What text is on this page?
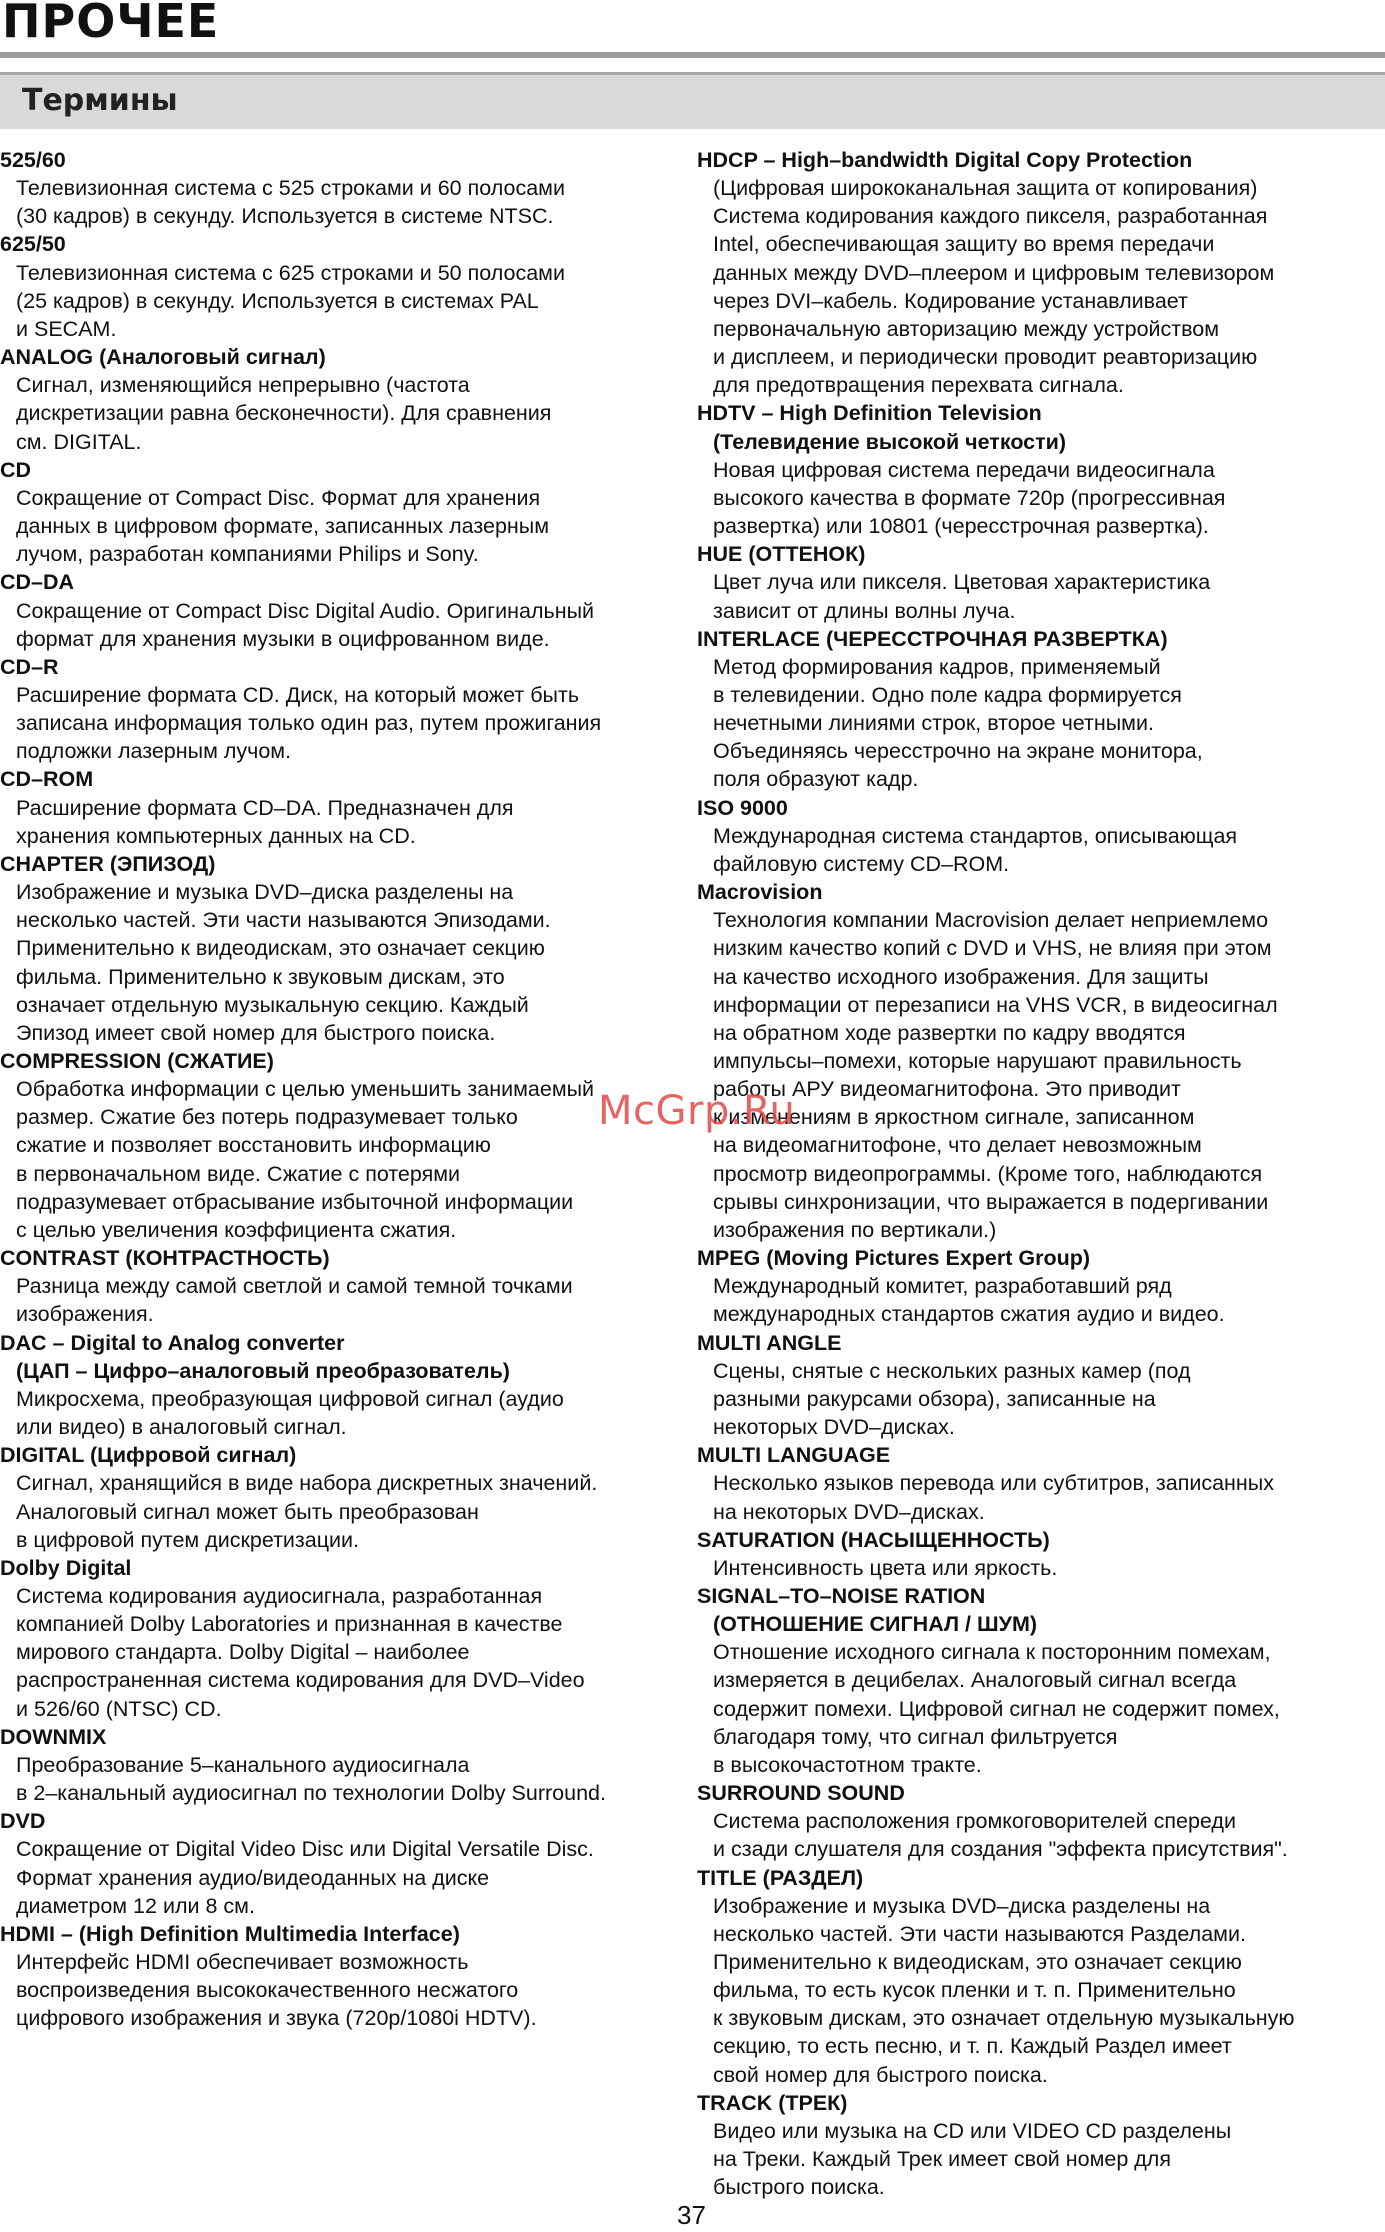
ПРОЧЕЕ
Термины
525/60
Телевизионная система с 525 строками и 60 полосами
(30 кадров) в секунду. Используется в системе NTSC.
625/50
Телевизионная система с 625 строками и 50 полосами
(25 кадров) в секунду. Используется в системах PAL
и SECAM.
ANALOG (Аналоговый сигнал)
Сигнал, изменяющийся непрерывно (частота
дискретизации равна бесконечности). Для сравнения
см. DIGITAL.
CD
Сокращение от Compact Disc. Формат для хранения
данных в цифровом формате, записанных лазерным
лучом, разработан компаниями Philips и Sony.
CD–DA
Сокращение от Compact Disc Digital Audio. Оригинальный
формат для хранения музыки в оцифрованном виде.
CD–R
Расширение формата CD. Диск, на который может быть
записана информация только один раз, путем прожигания
подложки лазерным лучом.
CD–ROM
Расширение формата CD–DA. Предназначен для
хранения компьютерных данных на CD.
CHAPTER (ЭПИЗОД)
Изображение и музыка DVD–диска разделены на
несколько частей. Эти части называются Эпизодами.
Применительно к видеодискам, это означает секцию
фильма. Применительно к звуковым дискам, это
означает отдельную музыкальную секцию. Каждый
Эпизод имеет свой номер для быстрого поиска.
COMPRESSION (СЖАТИЕ)
Обработка информации с целью уменьшить занимаемый
размер. Сжатие без потерь подразумевает только
сжатие и позволяет восстановить информацию
в первоначальном виде. Сжатие с потерями
подразумевает отбрасывание избыточной информации
с целью увеличения коэффициента сжатия.
CONTRAST (КОНТРАСТНОСТЬ)
Разница между самой светлой и самой темной точками
изображения.
DAC – Digital to Analog converter
(ЦАП – Цифро–аналоговый преобразователь)
Микросхема, преобразующая цифровой сигнал (аудио
или видео) в аналоговый сигнал.
DIGITAL (Цифровой сигнал)
Сигнал, хранящийся в виде набора дискретных значений.
Аналоговый сигнал может быть преобразован
в цифровой путем дискретизации.
Dolby Digital
Система кодирования аудиосигнала, разработанная
компанией Dolby Laboratories и признанная в качестве
мирового стандарта. Dolby Digital – наиболее
распространенная система кодирования для DVD–Video
и 526/60 (NTSC) CD.
DOWNMIX
Преобразование 5–канального аудиосигнала
в 2–канальный аудиосигнал по технологии Dolby Surround.
DVD
Сокращение от Digital Video Disc или Digital Versatile Disc.
Формат хранения аудио/видеоданных на диске
диаметром 12 или 8 см.
HDMI – (High Definition Multimedia Interface)
Интерфейс HDMI обеспечивает возможность
воспроизведения высококачественного несжатого
цифрового изображения и звука (720p/1080i HDTV).
HDCP – High–bandwidth Digital Copy Protection
(Цифровая ширококанальная защита от копирования)
Система кодирования каждого пикселя, разработанная
Intel, обеспечивающая защиту во время передачи
данных между DVD–плеером и цифровым телевизором
через DVI–кабель. Кодирование устанавливает
первоначальную авторизацию между устройством
и дисплеем, и периодически проводит реавторизацию
для предотвращения перехвата сигнала.
HDTV – High Definition Television
(Телевидение высокой четкости)
Новая цифровая система передачи видеосигнала
высокого качества в формате 720p (прогрессивная
развертка) или 10801 (чересстрочная развертка).
HUE (ОТТЕНОК)
Цвет луча или пикселя. Цветовая характеристика
зависит от длины волны луча.
INTERLACE (ЧЕРЕССТРОЧНАЯ РАЗВЕРТКА)
Метод формирования кадров, применяемый
в телевидении. Одно поле кадра формируется
нечетными линиями строк, второе четными.
Объединяясь чересстрочно на экране монитора,
поля образуют кадр.
ISO 9000
Международная система стандартов, описывающая
файловую систему CD–ROM.
Macrovision
Технология компании Macrovision делает неприемлемо
низким качество копий с DVD и VHS, не влияя при этом
на качество исходного изображения. Для защиты
информации от перезаписи на VHS VCR, в видеосигнал
на обратном ходе развертки по кадру вводятся
импульсы–помехи, которые нарушают правильность
работы АРУ видеомагнитофона. Это приводит
к изменениям в яркостном сигнале, записанном
на видеомагнитофоне, что делает невозможным
просмотр видеопрограммы. (Кроме того, наблюдаются
срывы синхронизации, что выражается в подергивании
изображения по вертикали.)
MPEG (Moving Pictures Expert Group)
Международный комитет, разработавший ряд
международных стандартов сжатия аудио и видео.
MULTI ANGLE
Сцены, снятые с нескольких разных камер (под
разными ракурсами обзора), записанные на
некоторых DVD–дисках.
MULTI LANGUAGE
Несколько языков перевода или субтитров, записанных
на некоторых DVD–дисках.
SATURATION (НАСЫЩЕННОСТЬ)
Интенсивность цвета или яркость.
SIGNAL–TO–NOISE RATION
(ОТНОШЕНИЕ СИГНАЛ / ШУМ)
Отношение исходного сигнала к посторонним помехам,
измеряется в децибелах. Аналоговый сигнал всегда
содержит помехи. Цифровой сигнал не содержит помех,
благодаря тому, что сигнал фильтруется
в высокочастотном тракте.
SURROUND SOUND
Система расположения громкоговорителей спереди
и сзади слушателя для создания "эффекта присутствия".
TITLE (РАЗДЕЛ)
Изображение и музыка DVD–диска разделены на
несколько частей. Эти части называются Разделами.
Применительно к видеодискам, это означает секцию
фильма, то есть кусок пленки и т. п. Применительно
к звуковым дискам, это означает отдельную музыкальную
секцию, то есть песню, и т. п. Каждый Раздел имеет
свой номер для быстрого поиска.
TRACK (ТРЕК)
Видео или музыка на CD или VIDEO CD разделены
на Треки. Каждый Трек имеет свой номер для
быстрого поиска.
McGrp.Ru
37
